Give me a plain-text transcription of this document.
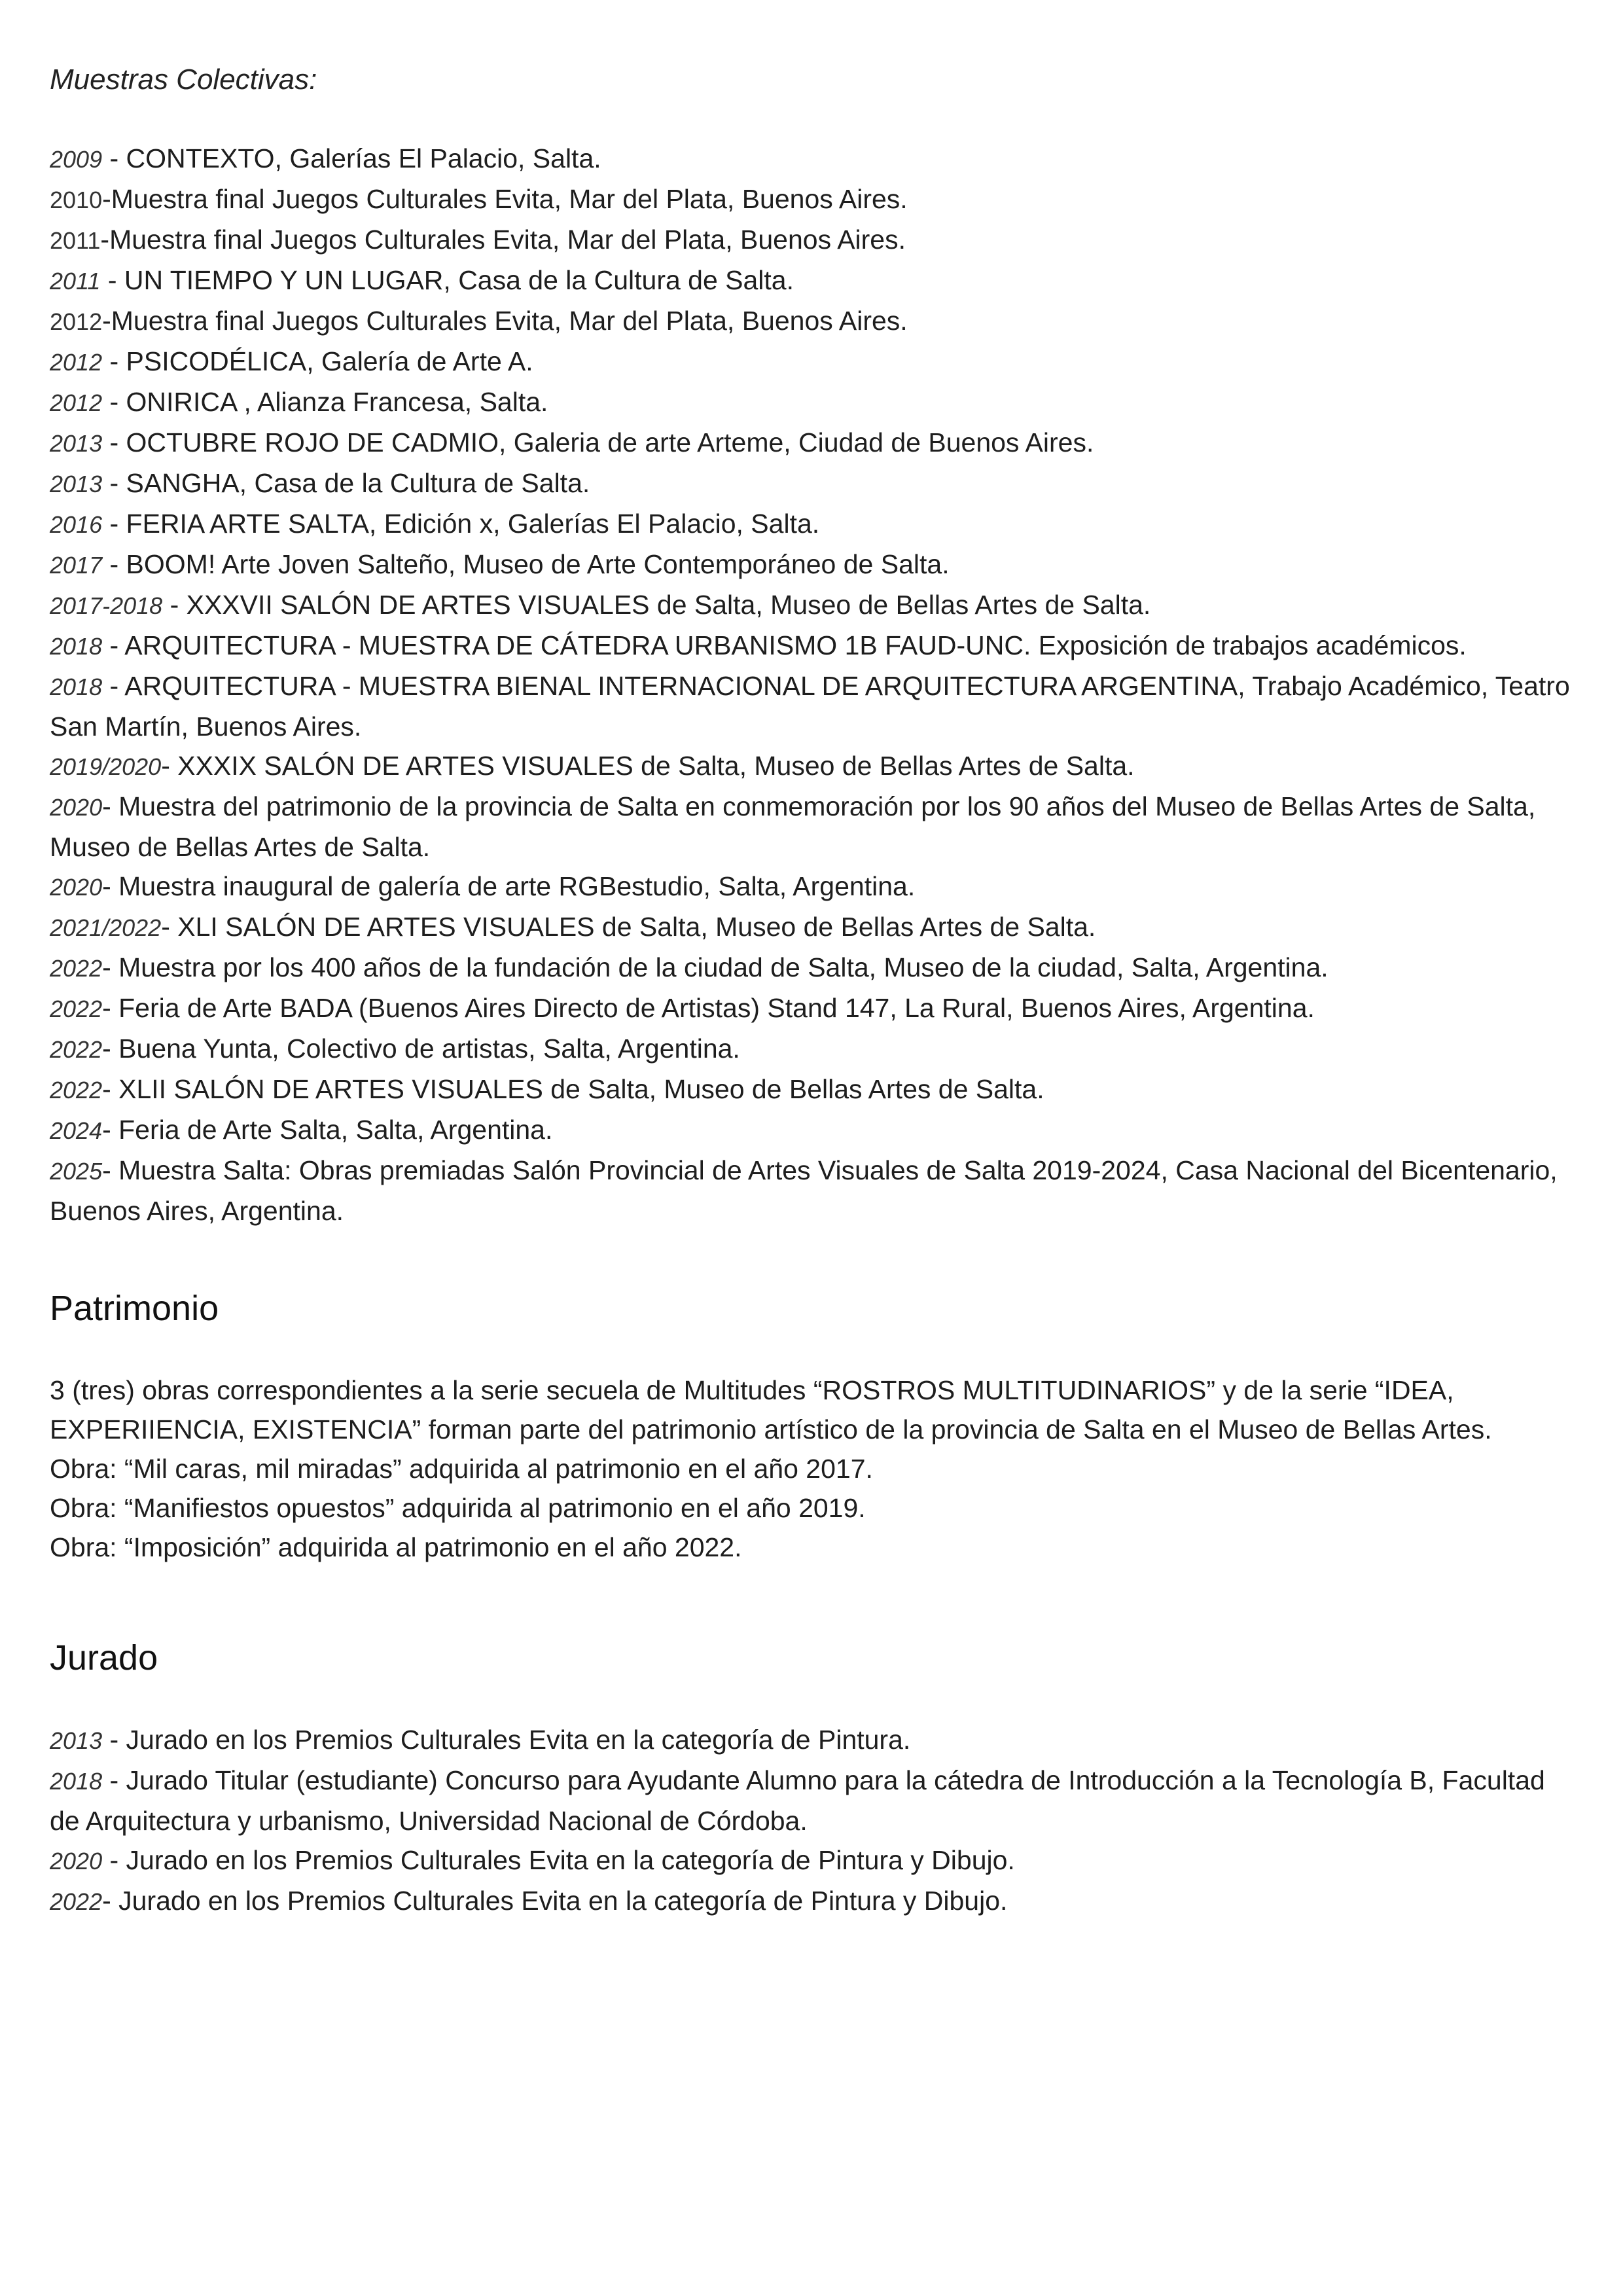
Muestras Colectivas:
2009 - CONTEXTO, Galerías El Palacio, Salta.
2010-Muestra final Juegos Culturales Evita, Mar del Plata, Buenos Aires.
2011-Muestra final Juegos Culturales Evita, Mar del Plata, Buenos Aires.
2011 - UN TIEMPO Y UN LUGAR, Casa de la Cultura de Salta.
2012-Muestra final Juegos Culturales Evita, Mar del Plata, Buenos Aires.
2012 - PSICODÉLICA, Galería de Arte A.
2012 - ONIRICA , Alianza Francesa, Salta.
2013 - OCTUBRE ROJO DE CADMIO, Galeria de arte Arteme, Ciudad de Buenos Aires.
2013 - SANGHA, Casa de la Cultura de Salta.
2016 - FERIA ARTE SALTA, Edición x, Galerías El Palacio, Salta.
2017 - BOOM! Arte Joven Salteño, Museo de Arte Contemporáneo de Salta.
2017-2018 - XXXVII SALÓN DE ARTES VISUALES de Salta, Museo de Bellas Artes de Salta.
2018 - ARQUITECTURA - MUESTRA DE CÁTEDRA URBANISMO 1B FAUD-UNC. Exposición de trabajos académicos.
2018 - ARQUITECTURA - MUESTRA BIENAL INTERNACIONAL DE ARQUITECTURA ARGENTINA, Trabajo Académico, Teatro San Martín, Buenos Aires.
2019/2020- XXXIX SALÓN DE ARTES VISUALES de Salta, Museo de Bellas Artes de Salta.
2020- Muestra del patrimonio de la provincia de Salta en conmemoración por los 90 años del Museo de Bellas Artes de Salta, Museo de Bellas Artes de Salta.
2020- Muestra inaugural de galería de arte RGBestudio, Salta, Argentina.
2021/2022- XLI SALÓN DE ARTES VISUALES de Salta, Museo de Bellas Artes de Salta.
2022- Muestra por los 400 años de la fundación de la ciudad de Salta, Museo de la ciudad, Salta, Argentina.
2022- Feria de Arte BADA (Buenos Aires Directo de Artistas) Stand 147, La Rural, Buenos Aires, Argentina.
2022- Buena Yunta, Colectivo de artistas, Salta, Argentina.
2022- XLII SALÓN DE ARTES VISUALES de Salta, Museo de Bellas Artes de Salta.
2024- Feria de Arte Salta, Salta, Argentina.
2025- Muestra Salta: Obras premiadas Salón Provincial de Artes Visuales de Salta 2019-2024, Casa Nacional del Bicentenario, Buenos Aires, Argentina.
Patrimonio

3 (tres) obras correspondientes a la serie secuela de Multitudes “ROSTROS MULTITUDINARIOS” y de la serie “IDEA, EXPERIIENCIA, EXISTENCIA” forman parte del patrimonio artístico de la provincia de Salta en el Museo de Bellas Artes.

Obra: “Mil caras, mil miradas” adquirida al patrimonio en el año 2017.

Obra: “Manifiestos opuestos” adquirida al patrimonio en el año 2019.

Obra: “Imposición” adquirida al patrimonio en el año 2022.

Jurado
2013 - Jurado en los Premios Culturales Evita en la categoría de Pintura.
2018 - Jurado Titular (estudiante) Concurso para Ayudante Alumno para la cátedra de Introducción a la Tecnología B, Facultad de Arquitectura y urbanismo, Universidad Nacional de Córdoba.
2020 - Jurado en los Premios Culturales Evita en la categoría de Pintura y Dibujo.
2022- Jurado en los Premios Culturales Evita en la categoría de Pintura y Dibujo.
